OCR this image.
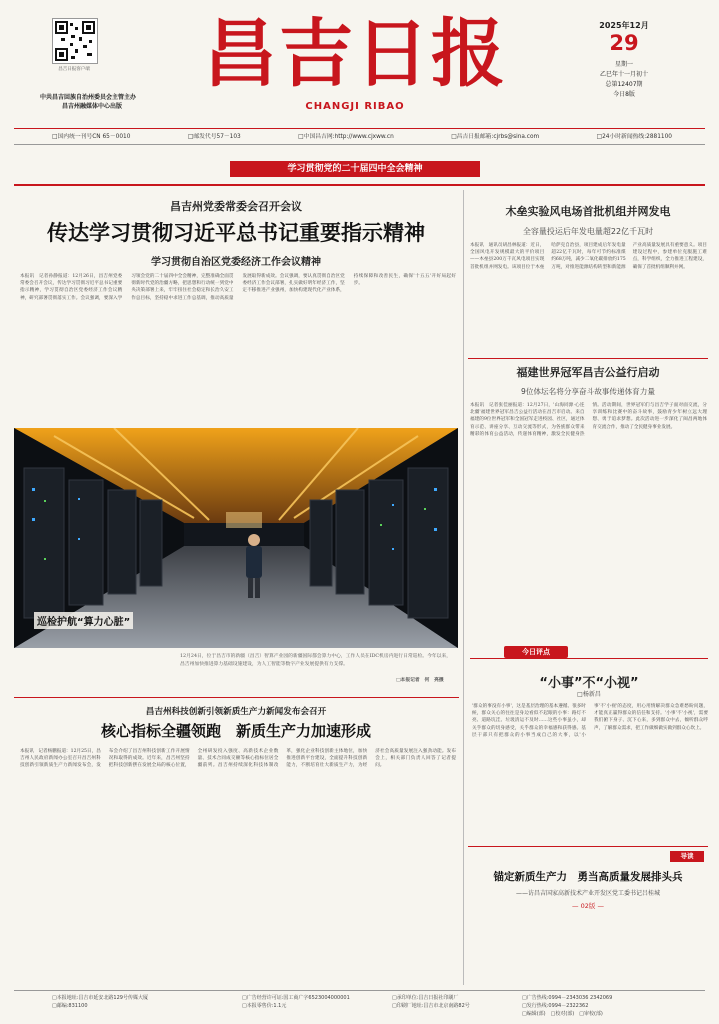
昌吉日报客户端
中共昌吉回族自治州委员会主管主办
昌吉州融媒体中心出版
昌吉日报
CHANGJI RIBAO
2025年12月
29
星期一
乙巳年十一月初十
总第12407期
今日8版
□国内统一刊号CN 65－0010	□邮发代号57－103	□中国昌吉网:http://www.cjxww.cn	□昌吉日报邮箱:cjrbs@sina.com	□24小时新闻热线:2881100
学习贯彻党的二十届四中全会精神
昌吉州党委常委会召开会议
传达学习贯彻习近平总书记重要指示精神
学习贯彻自治区党委经济工作会议精神
本报讯　记者孙静报道：12月26日，昌吉州党委常委会召开会议，传达学习贯彻习近平总书记重要指示精神，学习贯彻自治区党委经济工作会议精神，研究部署贯彻落实工作。会议强调，要深入学习领会党的二十届四中全会精神，完整准确全面贯彻新时代党的治疆方略，把思想和行动统一到党中央决策部署上来，牢牢扭住社会稳定和长治久安工作总目标，坚持稳中求进工作总基调，推动高质量发展取得新成效。会议强调，要认真贯彻自治区党委经济工作会议部署，扎实做好明年经济工作，坚定不移推进产业强州，加快构建现代化产业体系，持续保障和改善民生，确保'十五五'开好局起好步。
巡检护航“算力心脏”
12月24日，位于昌吉市的新疆（昌吉）智算产业园的新疆国际都会算力中心，工作人员在IDC机房内进行日常巡检。今年以来，昌吉州加快推进算力基础设施建设，为人工智能等数字产业发展提供有力支撑。
□本报记者　何　亮摄
昌吉州科技创新引领新质生产力新闻发布会召开
核心指标全疆领跑　新质生产力加速形成
本报讯　记者杨鹏报道：12月25日，昌吉州人民政府新闻办公室召开昌吉州科技创新引领新质生产力新闻发布会，发布会介绍了昌吉州科技创新工作开展情况和取得的成效。近年来，昌吉州坚持把科技创新摆在发展全局的核心位置，全州研发投入强度、高新技术企业数量、技术合同成交额等核心指标位居全疆前列。昌吉州持续深化科技体制改革，强化企业科技创新主体地位，加快推进创新平台建设，全面提升科技创新能力，不断培育壮大新质生产力，为经济社会高质量发展注入强劲动能。发布会上，相关部门负责人回答了记者提问。
木垒实验风电场首批机组并网发电
全容量投运后年发电量超22亿千瓦时
本报讯　通讯员胡昌林报道：近日，全国风电开发规模最大的平价项目——木垒县200万千瓦风电项目实现首批机组并网发电。该项目位于木垒哈萨克自治县，项目建成后年发电量超22亿千瓦时，每年可节约标准煤约68万吨，减少二氧化碳排放约175万吨，对推进能源结构转型和新能源产业高质量发展具有重要意义。项目建设过程中，参建单位克服施工难点，科学组织，全力推进工程建设，确保了首批机组顺利并网。
福建世界冠军昌吉公益行启动
9位体坛名将分享奋斗故事传递体育力量
本报讯　记者张佳丽报道：12月27日，'山海同源·心连北疆'福建世界冠军昌吉公益行活动在昌吉市启动。来自福建的9位世界冠军和全国冠军走进校园、社区，通过体育示范、讲座分享、互动交流等形式，为各族群众带来精彩的体育公益活动，传递体育精神，激发全民健身热情。活动期间，世界冠军们与昌吉学子面对面交流，分享训练和比赛中的奋斗故事，鼓励青少年树立远大理想、勇于追求梦想。此次活动进一步深化了闽昌两地体育交流合作，推动了全民健身事业发展。
今日评点
“小事”不“小视”
□杨新昌
'群众的事没有小事'，这是基层治理的基本遵循。很多时候，群众关心的往往是身边看似不起眼的小事：路灯不亮、道路坑洼、垃圾清运不及时……这些小事虽小，却关乎群众的切身感受，关乎群众的幸福感和获得感。基层干部只有把群众的小事当成自己的大事，以'小事'不'小视'的态度，用心用情解决群众急难愁盼问题，才能真正赢得群众的信任和支持。'小事'不'小视'，需要我们俯下身子、沉下心来，多到群众中去，倾听群众呼声，了解群众需求，把工作做细做实做到群众心坎上。
导读
锚定新质生产力　勇当高质量发展排头兵
——访昌吉国家高新技术产业开发区党工委书记吕桂城
— 02版 —
□本报地址:昌吉市延安北路129号传媒大厦
□邮编:831100
□广告经营许可证:国工商广字6523004000001
□本报零售价:1.1元
□承印单位:昌吉日报社印刷厂
□印刷厂地址:昌吉市北京南路82号
□广告热线:0994－2343036 2342069
□发行热线:0994－2322362
□编辑(部)　□校对(部)　□审校(部)
